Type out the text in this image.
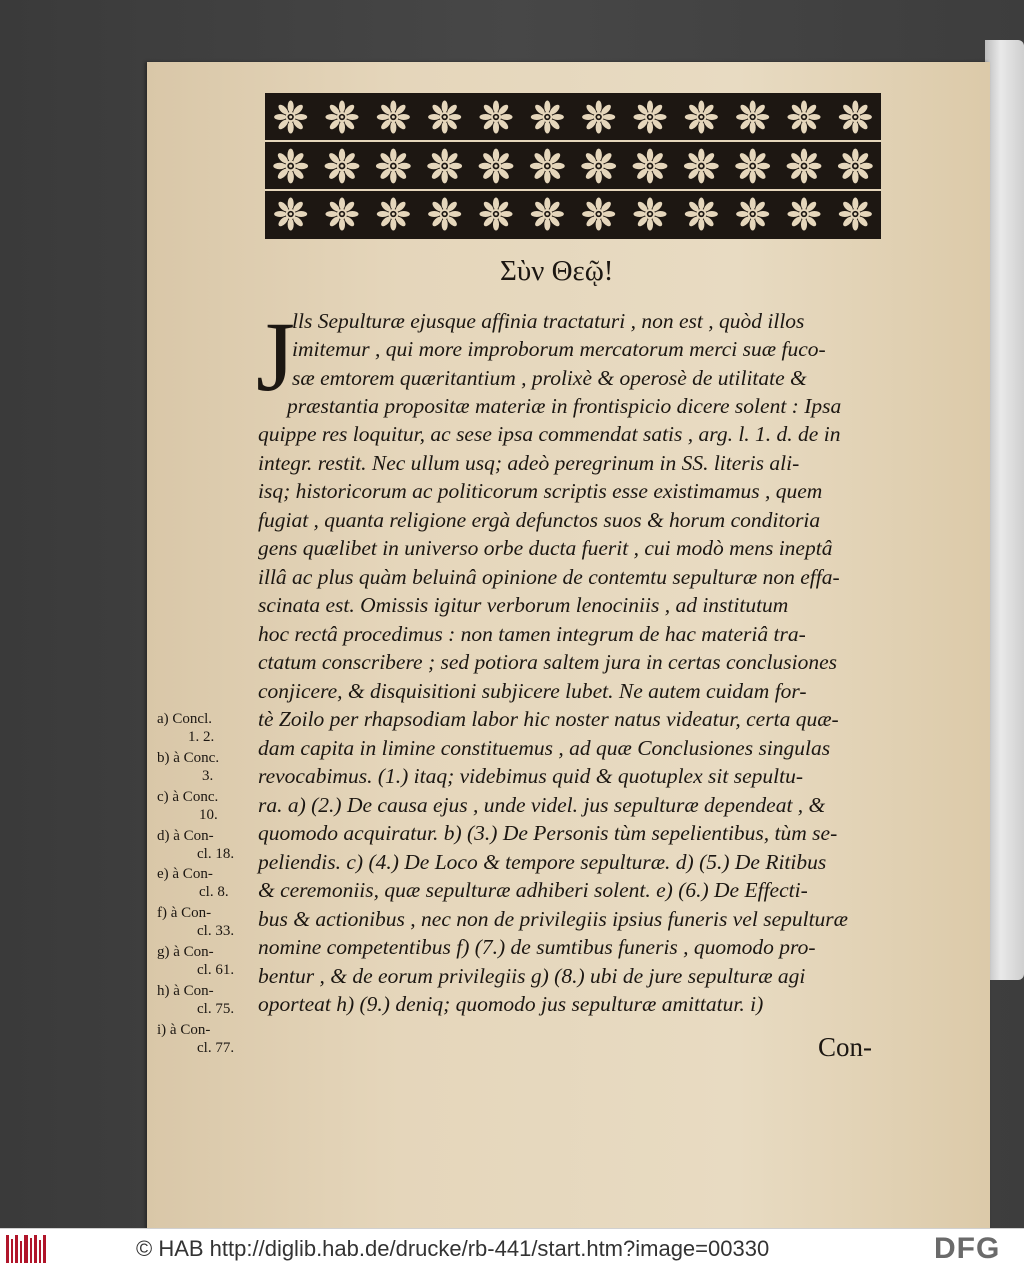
Σὺν Θεῷ!
J
lls Sepulturæ ejusque affinia tractaturi , non est , quòd illos
imitemur , qui more improborum mercatorum merci suæ fuco-
sæ emtorem quæritantium , prolixè & operosè de utilitate &
præstantia propositæ materiæ in frontispicio dicere solent : Ipsa
quippe res loquitur, ac sese ipsa commendat satis , arg. l. 1. d. de in
integr. restit. Nec ullum usq; adeò peregrinum in SS. literis ali-
isq; historicorum ac politicorum scriptis esse existimamus , quem
fugiat , quanta religione ergà defunctos suos & horum conditoria
gens quælibet in universo orbe ducta fuerit , cui modò mens ineptâ
illâ ac plus quàm beluinâ opinione de contemtu sepulturæ non effa-
scinata est. Omissis igitur verborum lenociniis , ad institutum
hoc rectâ procedimus : non tamen integrum de hac materiâ tra-
ctatum conscribere ; sed potiora saltem jura in certas conclusiones
conjicere, & disquisitioni subjicere lubet. Ne autem cuidam for-
tè Zoilo per rhapsodiam labor hic noster natus videatur, certa quæ-
dam capita in limine constituemus , ad quæ Conclusiones singulas
revocabimus. (1.) itaq; videbimus quid & quotuplex sit sepultu-
ra. a) (2.) De causa ejus , unde videl. jus sepulturæ dependeat , &
quomodo acquiratur. b) (3.) De Personis tùm sepelientibus, tùm se-
peliendis. c) (4.) De Loco & tempore sepulturæ. d) (5.) De Ritibus
& ceremoniis, quæ sepulturæ adhiberi solent. e) (6.) De Effecti-
bus & actionibus , nec non de privilegiis ipsius funeris vel sepulturæ
nomine competentibus f) (7.) de sumtibus funeris , quomodo pro-
bentur , & de eorum privilegiis g) (8.) ubi de jure sepulturæ agi
oporteat h) (9.) deniq; quomodo jus sepulturæ amittatur. i)
a) Concl.
1. 2.
b) à Conc.
3.
c) à Conc.
10.
d) à Con-
cl. 18.
e) à Con-
cl. 8.
f) à Con-
cl. 33.
g) à Con-
cl. 61.
h) à Con-
cl. 75.
i) à Con-
cl. 77.	Con-
© HAB http://diglib.hab.de/drucke/rb-441/start.htm?image=00330	DFG
